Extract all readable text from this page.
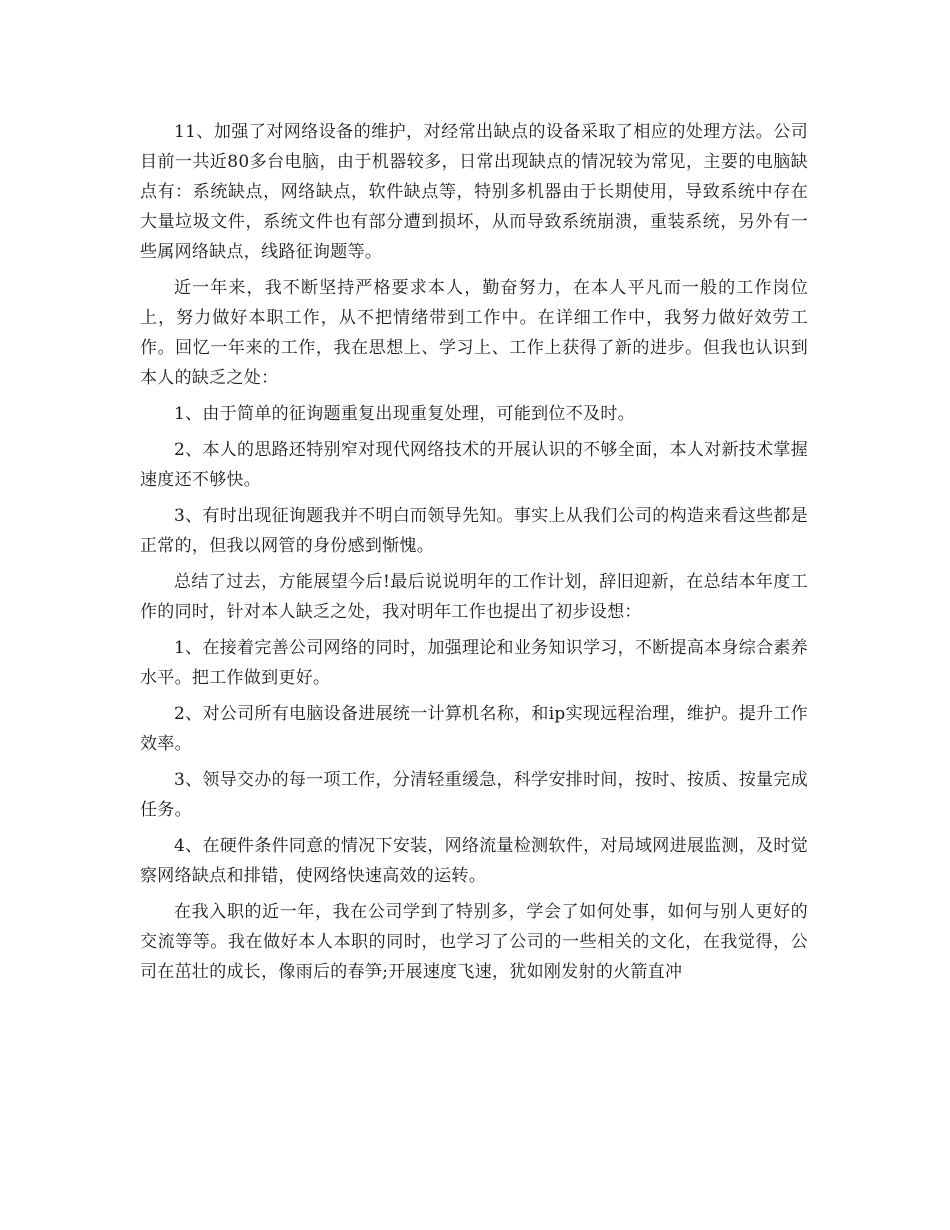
11、加强了对网络设备的维护，对经常出缺点的设备采取了相应的处理方法。公司目前一共近80多台电脑，由于机器较多，日常出现缺点的情况较为常见，主要的电脑缺点有：系统缺点，网络缺点，软件缺点等，特别多机器由于长期使用，导致系统中存在大量垃圾文件，系统文件也有部分遭到损坏，从而导致系统崩溃，重装系统，另外有一些属网络缺点，线路征询题等。

近一年来，我不断坚持严格要求本人，勤奋努力，在本人平凡而一般的工作岗位上，努力做好本职工作，从不把情绪带到工作中。在详细工作中，我努力做好效劳工作。回忆一年来的工作，我在思想上、学习上、工作上获得了新的进步。但我也认识到本人的缺乏之处：

1、由于简单的征询题重复出现重复处理，可能到位不及时。

2、本人的思路还特别窄对现代网络技术的开展认识的不够全面，本人对新技术掌握速度还不够快。

3、有时出现征询题我并不明白而领导先知。事实上从我们公司的构造来看这些都是正常的，但我以网管的身份感到惭愧。

总结了过去，方能展望今后!最后说说明年的工作计划，辞旧迎新，在总结本年度工作的同时，针对本人缺乏之处，我对明年工作也提出了初步设想：

1、在接着完善公司网络的同时，加强理论和业务知识学习，不断提高本身综合素养水平。把工作做到更好。

2、对公司所有电脑设备进展统一计算机名称，和ip实现远程治理，维护。提升工作效率。

3、领导交办的每一项工作，分清轻重缓急，科学安排时间，按时、按质、按量完成任务。

4、在硬件条件同意的情况下安装，网络流量检测软件，对局域网进展监测，及时觉察网络缺点和排错，使网络快速高效的运转。

在我入职的近一年，我在公司学到了特别多，学会了如何处事，如何与别人更好的交流等等。我在做好本人本职的同时，也学习了公司的一些相关的文化，在我觉得，公司在茁壮的成长，像雨后的春笋;开展速度飞速，犹如刚发射的火箭直冲
